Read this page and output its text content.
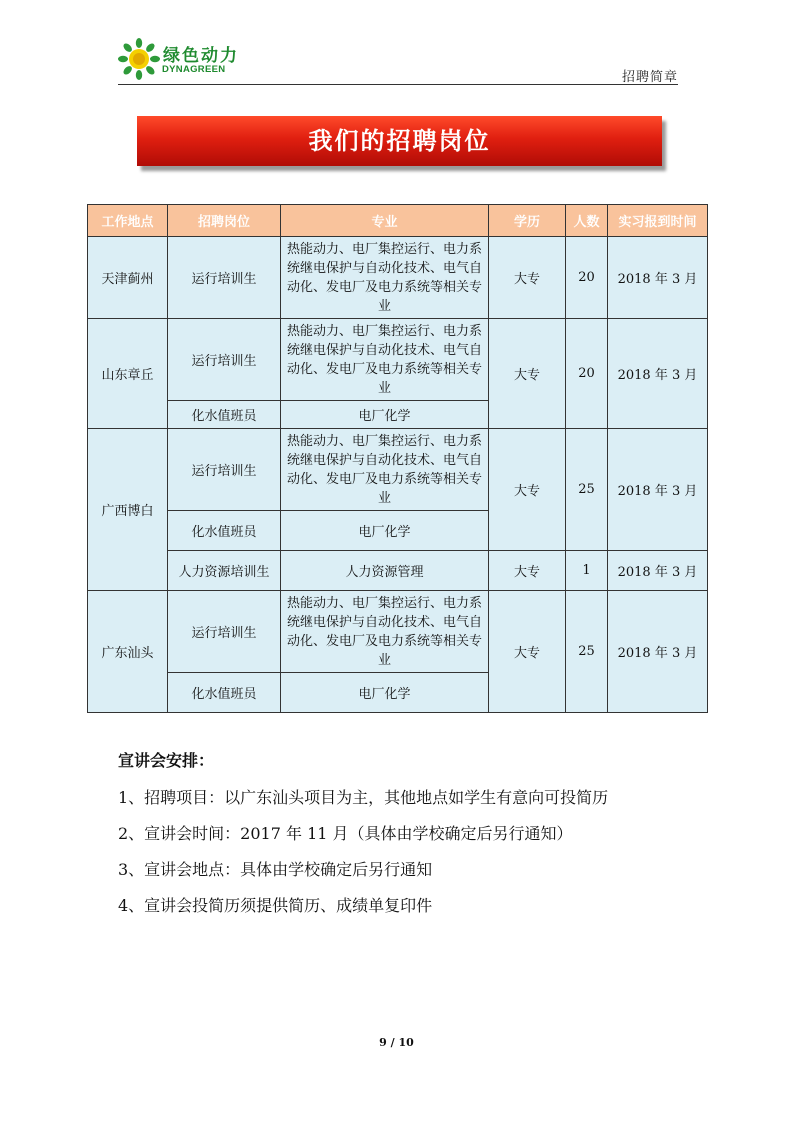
绿色动力
DYNAGREEN
招聘简章
我们的招聘岗位
工作地点	招聘岗位	专业	学历	人数	实习报到时间
天津蓟州	运行培训生	热能动力、电厂集控运行、电力系统继电保护与自动化技术、电气自动化、发电厂及电力系统等相关专业	大专	20	2018 年 3 月
山东章丘	运行培训生	热能动力、电厂集控运行、电力系统继电保护与自动化技术、电气自动化、发电厂及电力系统等相关专业	大专	20	2018 年 3 月
	化水值班员	电厂化学			
广西博白	运行培训生	热能动力、电厂集控运行、电力系统继电保护与自动化技术、电气自动化、发电厂及电力系统等相关专业	大专	25	2018 年 3 月
	化水值班员	电厂化学			
	人力资源培训生	人力资源管理	大专	1	2018 年 3 月
广东汕头	运行培训生	热能动力、电厂集控运行、电力系统继电保护与自动化技术、电气自动化、发电厂及电力系统等相关专业	大专	25	2018 年 3 月
	化水值班员	电厂化学			
宣讲会安排：

1、招聘项目：以广东汕头项目为主，其他地点如学生有意向可投简历

2、宣讲会时间：2017 年 11 月（具体由学校确定后另行通知）

3、宣讲会地点：具体由学校确定后另行通知

4、宣讲会投简历须提供简历、成绩单复印件

9 / 10
